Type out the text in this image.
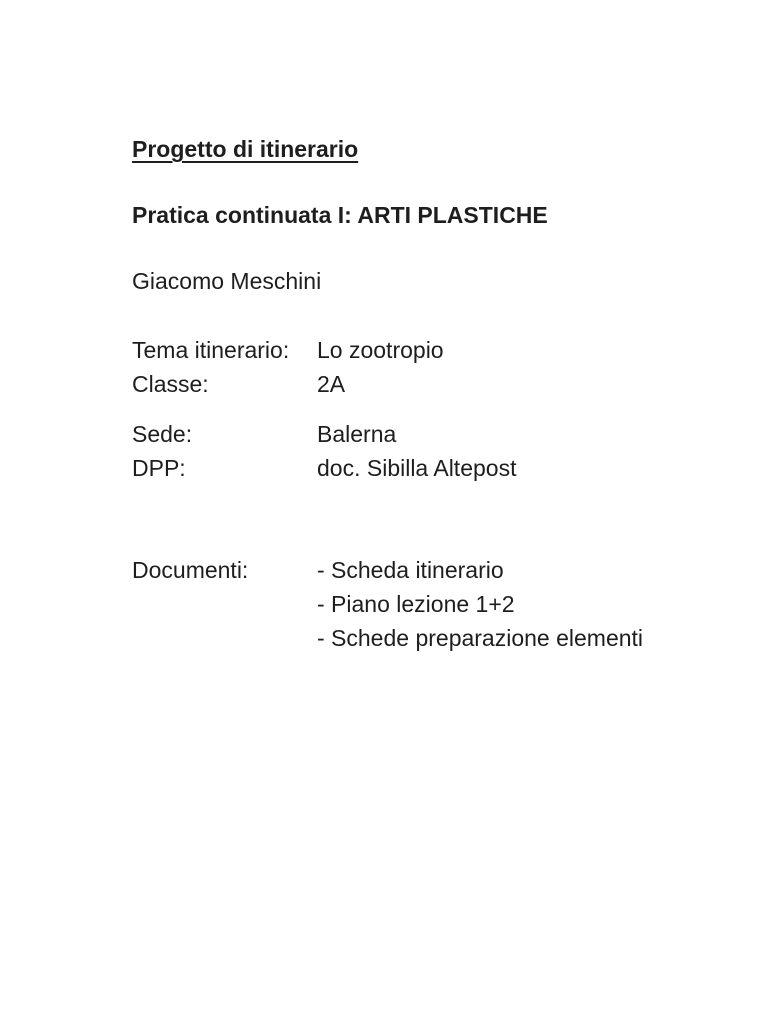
Progetto di itinerario
Pratica continuata I: ARTI PLASTICHE

Giacomo Meschini

Tema itinerario: Lo zootropio
Classe:	2A
Sede:	Balerna
DPP:	doc. Sibilla Altepost
Documenti:	- Scheda itinerario
- Piano lezione 1+2
- Schede preparazione elementi
